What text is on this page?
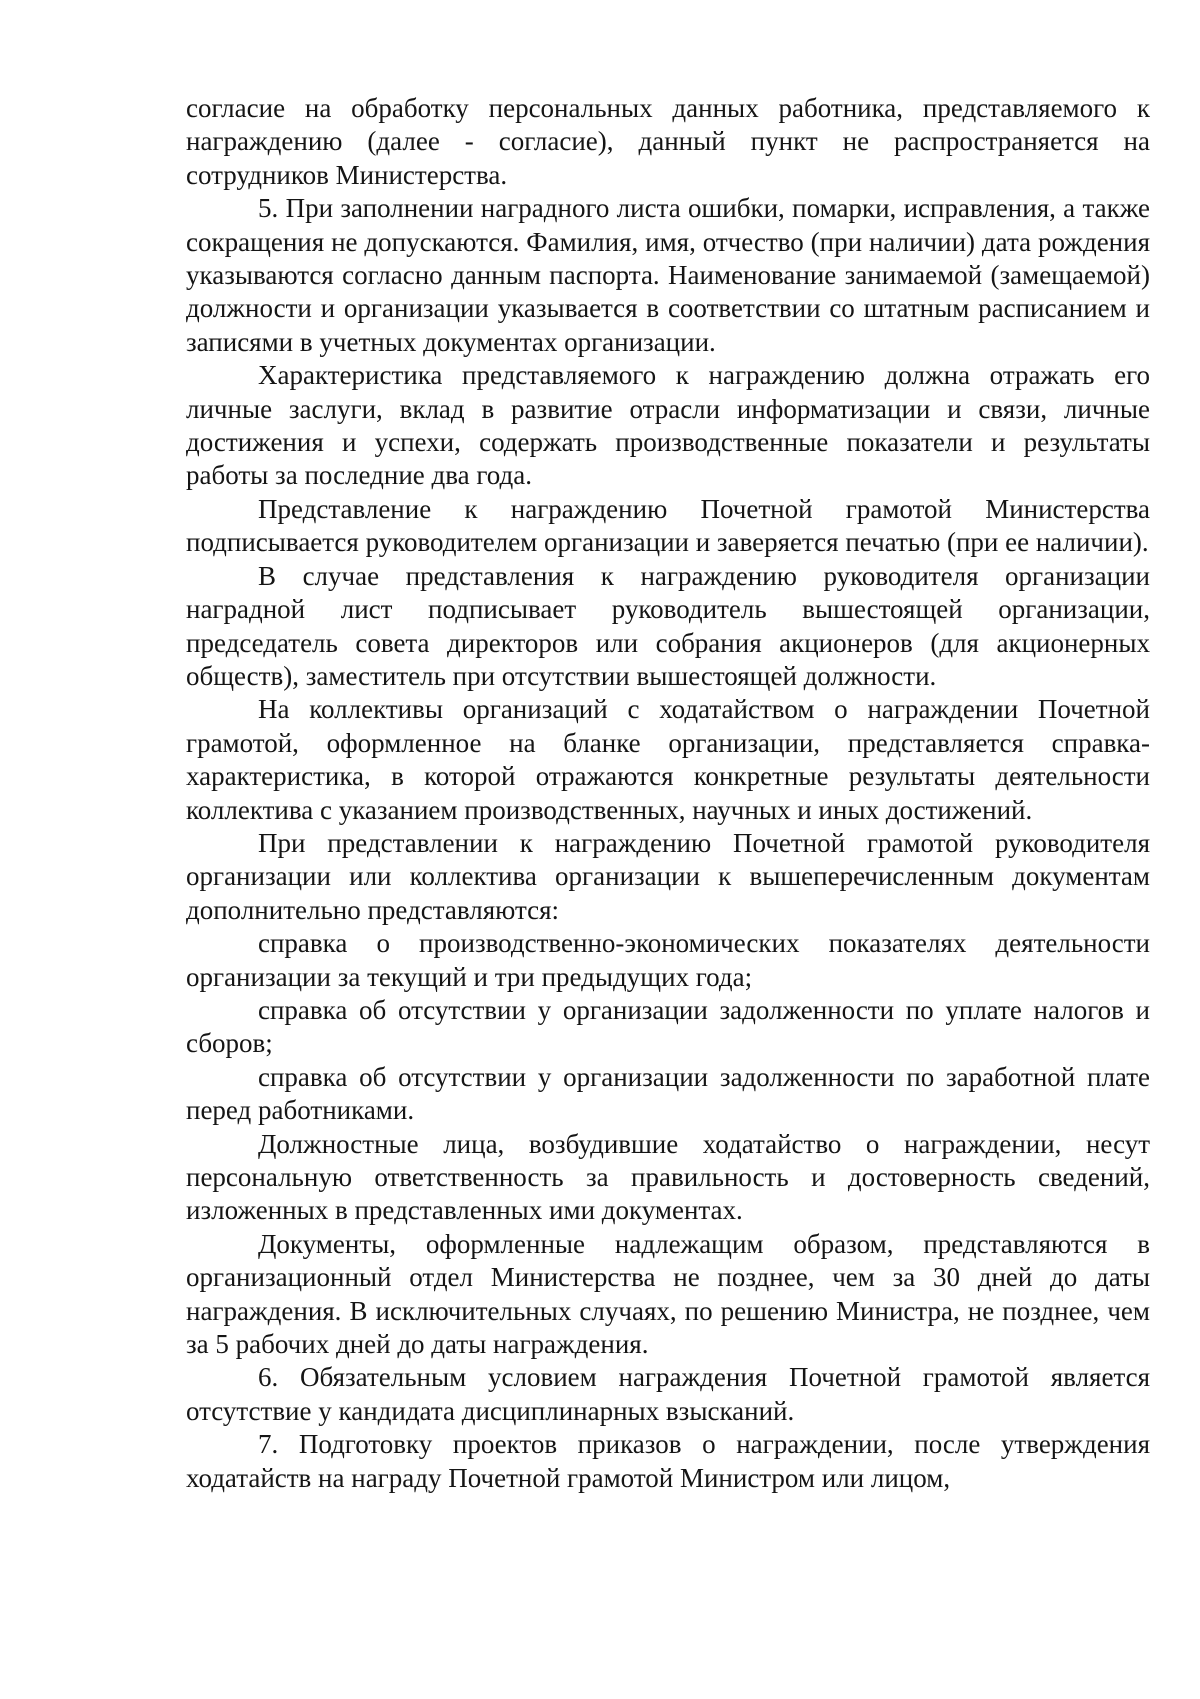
согласие на обработку персональных данных работника, представляемого к награждению (далее - согласие), данный пункт не распространяется на сотрудников Министерства.

5. При заполнении наградного листа ошибки, помарки, исправления, а также сокращения не допускаются. Фамилия, имя, отчество (при наличии) дата рождения указываются согласно данным паспорта. Наименование занимаемой (замещаемой) должности и организации указывается в соответствии со штатным расписанием и записями в учетных документах организации.

Характеристика представляемого к награждению должна отражать его личные заслуги, вклад в развитие отрасли информатизации и связи, личные достижения и успехи, содержать производственные показатели и результаты работы за последние два года.

Представление к награждению Почетной грамотой Министерства подписывается руководителем организации и заверяется печатью (при ее наличии).

В случае представления к награждению руководителя организации наградной лист подписывает руководитель вышестоящей организации, председатель совета директоров или собрания акционеров (для акционерных обществ), заместитель при отсутствии вышестоящей должности.

На коллективы организаций с ходатайством о награждении Почетной грамотой, оформленное на бланке организации, представляется справка-характеристика, в которой отражаются конкретные результаты деятельности коллектива с указанием производственных, научных и иных достижений.

При представлении к награждению Почетной грамотой руководителя организации или коллектива организации к вышеперечисленным документам дополнительно представляются:

справка о производственно-экономических показателях деятельности организации за текущий и три предыдущих года;

справка об отсутствии у организации задолженности по уплате налогов и сборов;

справка об отсутствии у организации задолженности по заработной плате перед работниками.

Должностные лица, возбудившие ходатайство о награждении, несут персональную ответственность за правильность и достоверность сведений, изложенных в представленных ими документах.

Документы, оформленные надлежащим образом, представляются в организационный отдел Министерства не позднее, чем за 30 дней до даты награждения. В исключительных случаях, по решению Министра, не позднее, чем за 5 рабочих дней до даты награждения.

6. Обязательным условием награждения Почетной грамотой является отсутствие у кандидата дисциплинарных взысканий.

7. Подготовку проектов приказов о награждении, после утверждения ходатайств на награду Почетной грамотой Министром или лицом,
